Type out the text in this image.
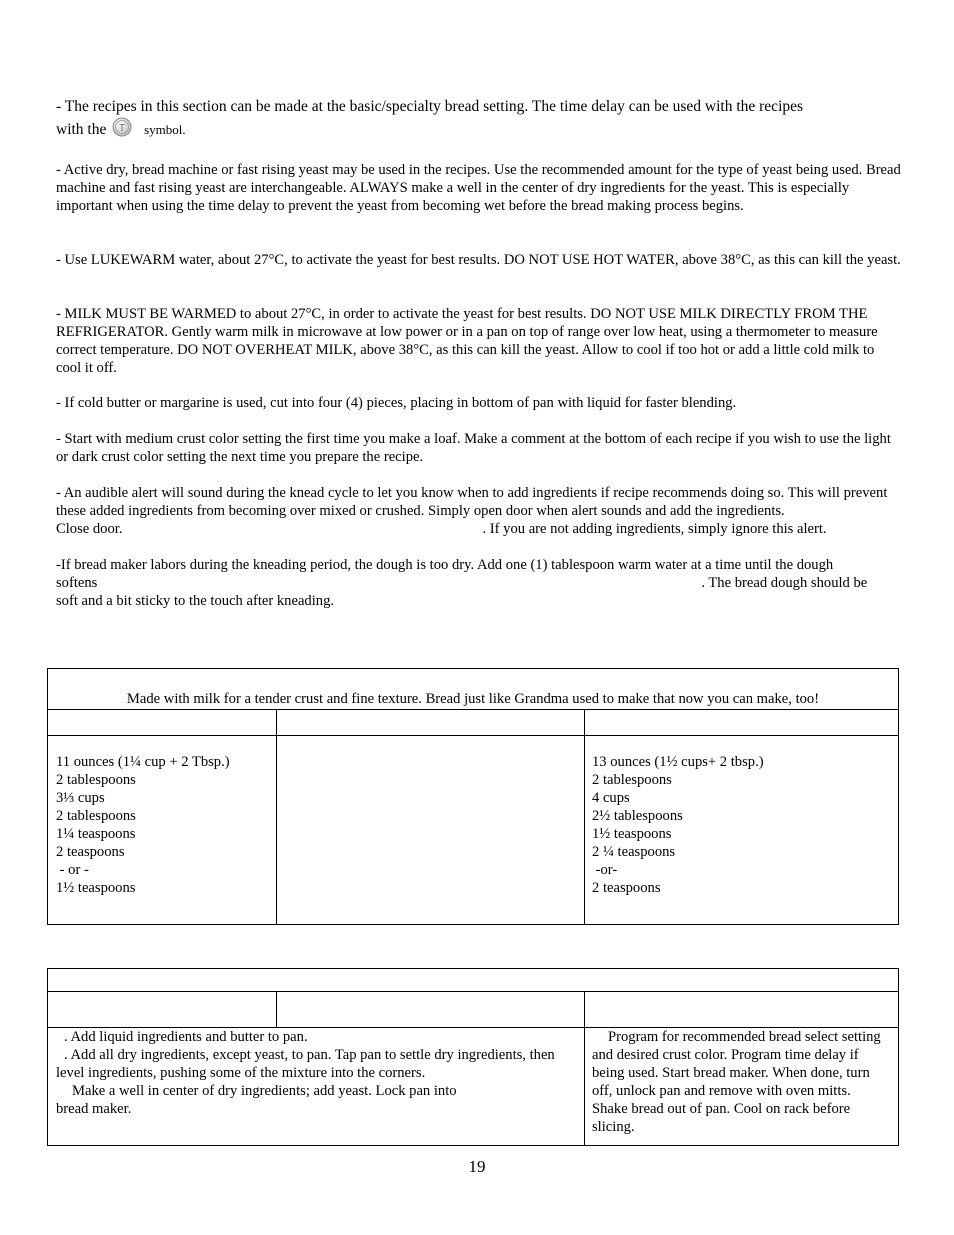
- The recipes in this section can be made at the basic/specialty bread setting. The time delay can be used with the recipes
with the T symbol.
- Active dry, bread machine or fast rising yeast may be used in the recipes. Use the recommended amount for the type of yeast being used. Bread machine and fast rising yeast are interchangeable. ALWAYS make a well in the center of dry ingredients for the yeast. This is especially important when using the time delay to prevent the yeast from becoming wet before the bread making process begins.
- Use LUKEWARM water, about 27°C, to activate the yeast for best results. DO NOT USE HOT WATER, above 38°C, as this can kill the yeast.
- MILK MUST BE WARMED to about 27°C, in order to activate the yeast for best results. DO NOT USE MILK DIRECTLY FROM THE REFRIGERATOR. Gently warm milk in microwave at low power or in a pan on top of range over low heat, using a thermometer to measure correct temperature. DO NOT OVERHEAT MILK, above 38°C, as this can kill the yeast. Allow to cool if too hot or add a little cold milk to cool it off.
- If cold butter or margarine is used, cut into four (4) pieces, placing in bottom of pan with liquid for faster blending.
- Start with medium crust color setting the first time you make a loaf. Make a comment at the bottom of each recipe if you wish to use the light or dark crust color setting the next time you prepare the recipe.
- An audible alert will sound during the knead cycle to let you know when to add ingredients if recipe recommends doing so. This will prevent these added ingredients from becoming over mixed or crushed. Simply open door when alert sounds and add the ingredients.
Close door.	. If you are not adding ingredients, simply ignore this alert.
-If bread maker labors during the kneading period, the dough is too dry. Add one (1) tablespoon warm water at a time until the dough
softens	. The bread dough should be
soft and a bit sticky to the touch after kneading.
Made with milk for a tender crust and fine texture. Bread just like Grandma used to make that now you can make, too!
11 ounces (1¼ cup + 2 Tbsp.)
2 tablespoons
3⅓ cups
2 tablespoons
1¼ teaspoons
2 teaspoons
- or -
1½ teaspoons
13 ounces (1½ cups+ 2 tbsp.)
2 tablespoons
4 cups
2½ tablespoons
1½ teaspoons
2 ¼ teaspoons
-or-
2 teaspoons
. Add liquid ingredients and butter to pan.
. Add all dry ingredients, except yeast, to pan. Tap pan to settle dry ingredients, then level ingredients, pushing some of the mixture into the corners.
Make a well in center of dry ingredients; add yeast. Lock pan into bread maker.
Program for recommended bread select setting and desired crust color. Program time delay if being used. Start bread maker. When done, turn off, unlock pan and remove with oven mitts. Shake bread out of pan. Cool on rack before slicing.
19
